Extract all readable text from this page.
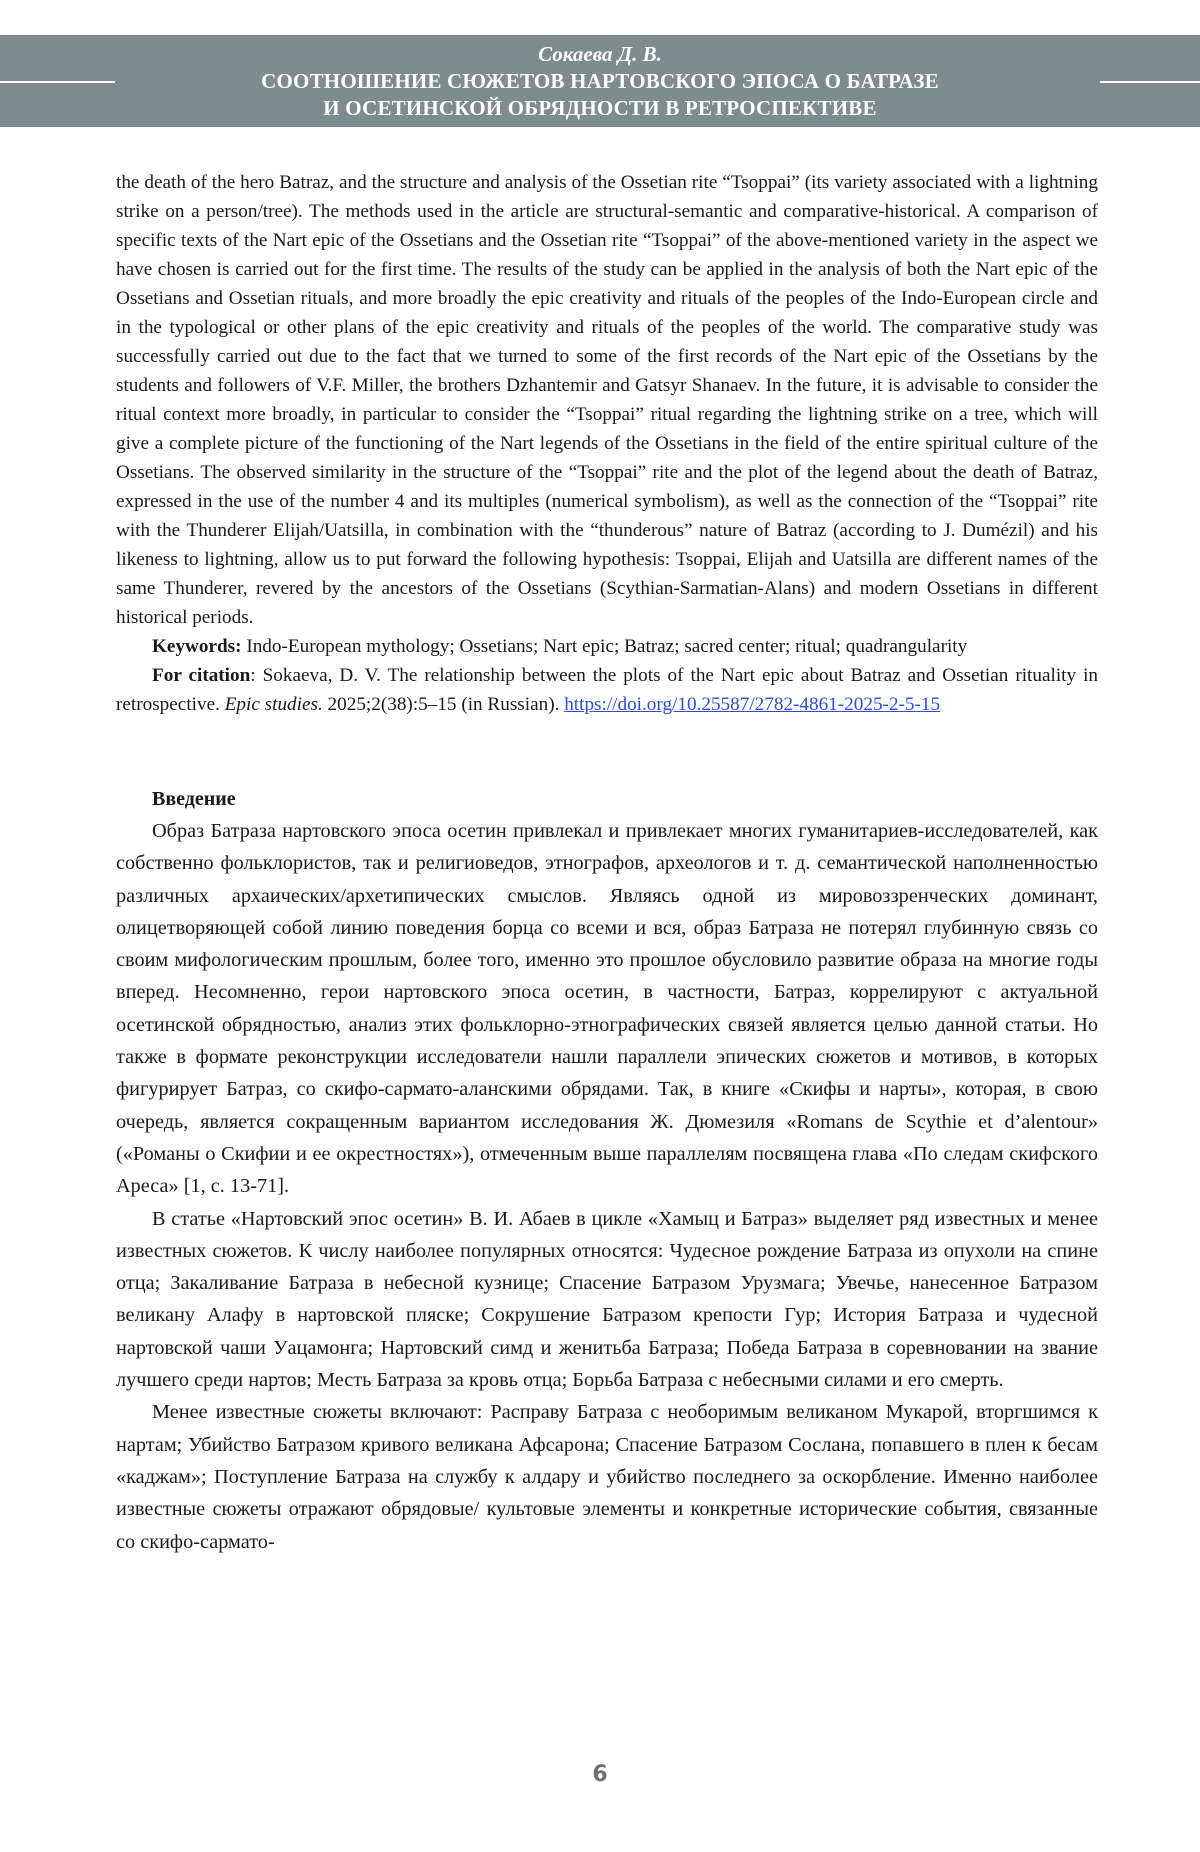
Сокаева Д. В.
СООТНОШЕНИЕ СЮЖЕТОВ НАРТОВСКОГО ЭПОСА О БАТРАЗЕ
И ОСЕТИНСКОЙ ОБРЯДНОСТИ В РЕТРОСПЕКТИВЕ

the death of the hero Batraz, and the structure and analysis of the Ossetian rite “Tsoppai” (its variety associated with a lightning strike on a person/tree). The methods used in the article are structural-semantic and comparative-historical. A comparison of specific texts of the Nart epic of the Ossetians and the Ossetian rite “Tsoppai” of the above-mentioned variety in the aspect we have chosen is carried out for the first time. The results of the study can be applied in the analysis of both the Nart epic of the Ossetians and Ossetian rituals, and more broadly the epic creativity and rituals of the peoples of the Indo-European circle and in the typological or other plans of the epic creativity and rituals of the peoples of the world. The comparative study was successfully carried out due to the fact that we turned to some of the first records of the Nart epic of the Ossetians by the students and followers of V.F. Miller, the brothers Dzhantemir and Gatsyr Shanaev. In the future, it is advisable to consider the ritual context more broadly, in particular to consider the “Tsoppai” ritual regarding the lightning strike on a tree, which will give a complete picture of the functioning of the Nart legends of the Ossetians in the field of the entire spiritual culture of the Ossetians. The observed similarity in the structure of the “Tsoppai” rite and the plot of the legend about the death of Batraz, expressed in the use of the number 4 and its multiples (numerical symbolism), as well as the connection of the “Tsoppai” rite with the Thunderer Elijah/Uatsilla, in combination with the “thunderous” nature of Batraz (according to J. Dumézil) and his likeness to lightning, allow us to put forward the following hypothesis: Tsoppai, Elijah and Uatsilla are different names of the same Thunderer, revered by the ancestors of the Ossetians (Scythian-Sarmatian-Alans) and modern Ossetians in different historical periods.

Keywords: Indo-European mythology; Ossetians; Nart epic; Batraz; sacred center; ritual; quadrangularity

For citation: Sokaeva, D. V. The relationship between the plots of the Nart epic about Batraz and Ossetian rituality in retrospective. Epic studies. 2025;2(38):5–15 (in Russian). https://doi.org/10.25587/2782-4861-2025-2-5-15

Введение

Образ Батраза нартовского эпоса осетин привлекал и привлекает многих гуманитариев-исследователей, как собственно фольклористов, так и религиоведов, этнографов, археологов и т. д. семантической наполненностью различных архаических/архетипических смыслов. Являясь одной из мировоззренческих доминант, олицетворяющей собой линию поведения борца со всеми и вся, образ Батраза не потерял глубинную связь со своим мифологическим прошлым, более того, именно это прошлое обусловило развитие образа на многие годы вперед. Несомненно, герои нартовского эпоса осетин, в частности, Батраз, коррелируют с актуальной осетинской обрядностью, анализ этих фольклорно-этнографических связей является целью данной статьи. Но также в формате реконструкции исследователи нашли параллели эпических сюжетов и мотивов, в которых фигурирует Батраз, со скифо-сармато-аланскими обрядами. Так, в книге «Скифы и нарты», которая, в свою очередь, является сокращенным вариантом исследования Ж. Дюмезиля «Romans de Scythie et d’alentour» («Романы о Скифии и ее окрестностях»), отмеченным выше параллелям посвящена глава «По следам скифского Ареса» [1, с. 13-71].

В статье «Нартовский эпос осетин» В. И. Абаев в цикле «Хамыц и Батраз» выделяет ряд известных и менее известных сюжетов. К числу наиболее популярных относятся: Чудесное рождение Батраза из опухоли на спине отца; Закаливание Батраза в небесной кузнице; Спасение Батразом Урузмага; Увечье, нанесенное Батразом великану Алафу в нартовской пляске; Сокрушение Батразом крепости Гур; История Батраза и чудесной нартовской чаши Уацамонга; Нартовский симд и женитьба Батраза; Победа Батраза в соревновании на звание лучшего среди нартов; Месть Батраза за кровь отца; Борьба Батраза с небесными силами и его смерть.

Менее известные сюжеты включают: Расправу Батраза с необоримым великаном Мукарой, вторгшимся к нартам; Убийство Батразом кривого великана Афсарона; Спасение Батразом Сослана, попавшего в плен к бесам «каджам»; Поступление Батраза на службу к алдару и убийство последнего за оскорбление. Именно наиболее известные сюжеты отражают обрядовые/ культовые элементы и конкретные исторические события, связанные со скифо-сармато-

6
